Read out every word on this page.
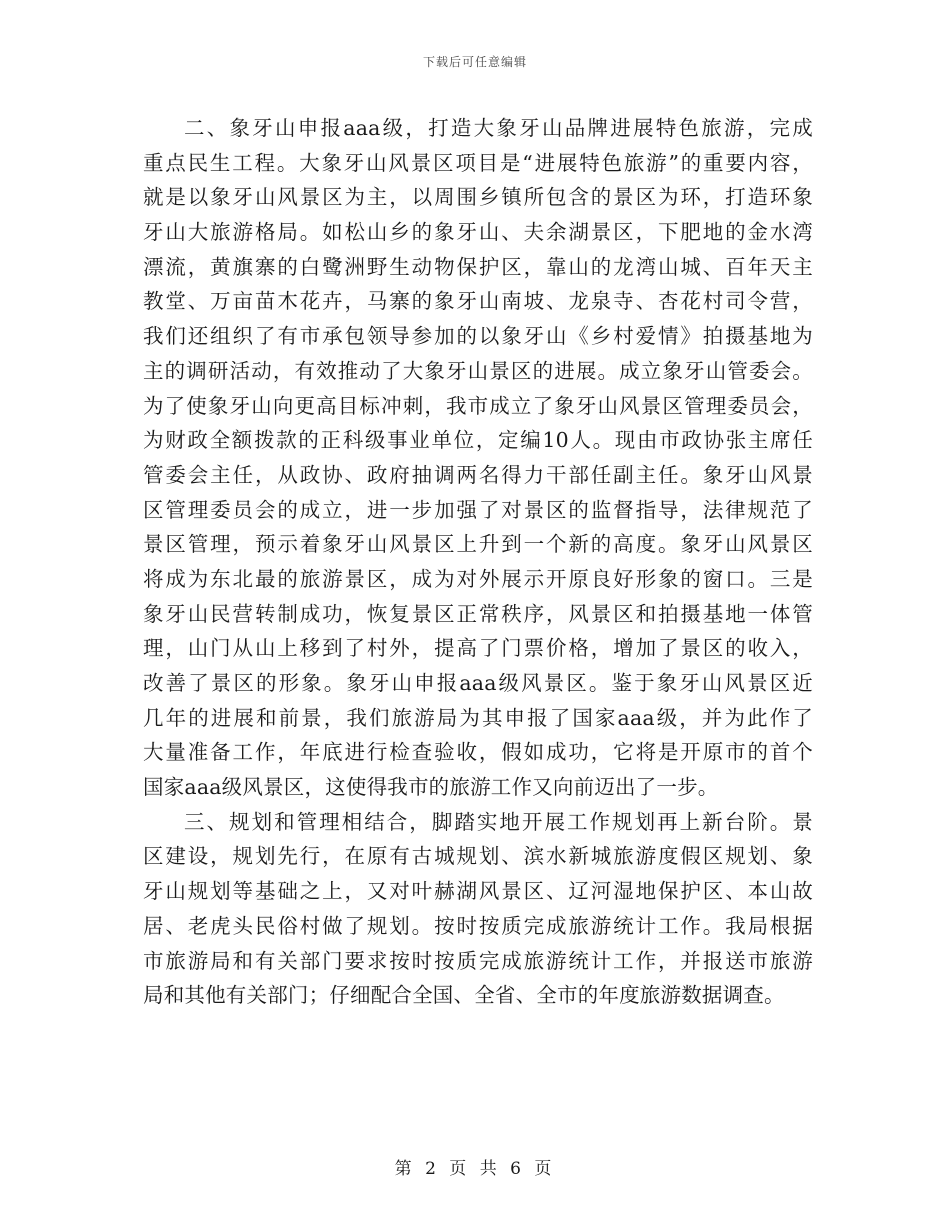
下载后可任意编辑
二、象牙山申报aaa级，打造大象牙山品牌进展特色旅游，完成
重点民生工程。大象牙山风景区项目是“进展特色旅游”的重要内容，
就是以象牙山风景区为主，以周围乡镇所包含的景区为环，打造环象
牙山大旅游格局。如松山乡的象牙山、夫余湖景区，下肥地的金水湾
漂流，黄旗寨的白鹭洲野生动物保护区，靠山的龙湾山城、百年天主
教堂、万亩苗木花卉，马寨的象牙山南坡、龙泉寺、杏花村司令营，
我们还组织了有市承包领导参加的以象牙山《乡村爱情》拍摄基地为
主的调研活动，有效推动了大象牙山景区的进展。成立象牙山管委会。
为了使象牙山向更高目标冲刺，我市成立了象牙山风景区管理委员会，
为财政全额拨款的正科级事业单位，定编10人。现由市政协张主席任
管委会主任，从政协、政府抽调两名得力干部任副主任。象牙山风景
区管理委员会的成立，进一步加强了对景区的监督指导，法律规范了
景区管理，预示着象牙山风景区上升到一个新的高度。象牙山风景区
将成为东北最的旅游景区，成为对外展示开原良好形象的窗口。三是
象牙山民营转制成功，恢复景区正常秩序，风景区和拍摄基地一体管
理，山门从山上移到了村外，提高了门票价格，增加了景区的收入，
改善了景区的形象。象牙山申报aaa级风景区。鉴于象牙山风景区近
几年的进展和前景，我们旅游局为其申报了国家aaa级，并为此作了
大量准备工作，年底进行检查验收，假如成功，它将是开原市的首个
国家aaa级风景区，这使得我市的旅游工作又向前迈出了一步。
三、规划和管理相结合，脚踏实地开展工作规划再上新台阶。景
区建设，规划先行，在原有古城规划、滨水新城旅游度假区规划、象
牙山规划等基础之上，又对叶赫湖风景区、辽河湿地保护区、本山故
居、老虎头民俗村做了规划。按时按质完成旅游统计工作。我局根据
市旅游局和有关部门要求按时按质完成旅游统计工作，并报送市旅游
局和其他有关部门；仔细配合全国、全省、全市的年度旅游数据调查。
第 2 页 共 6 页
